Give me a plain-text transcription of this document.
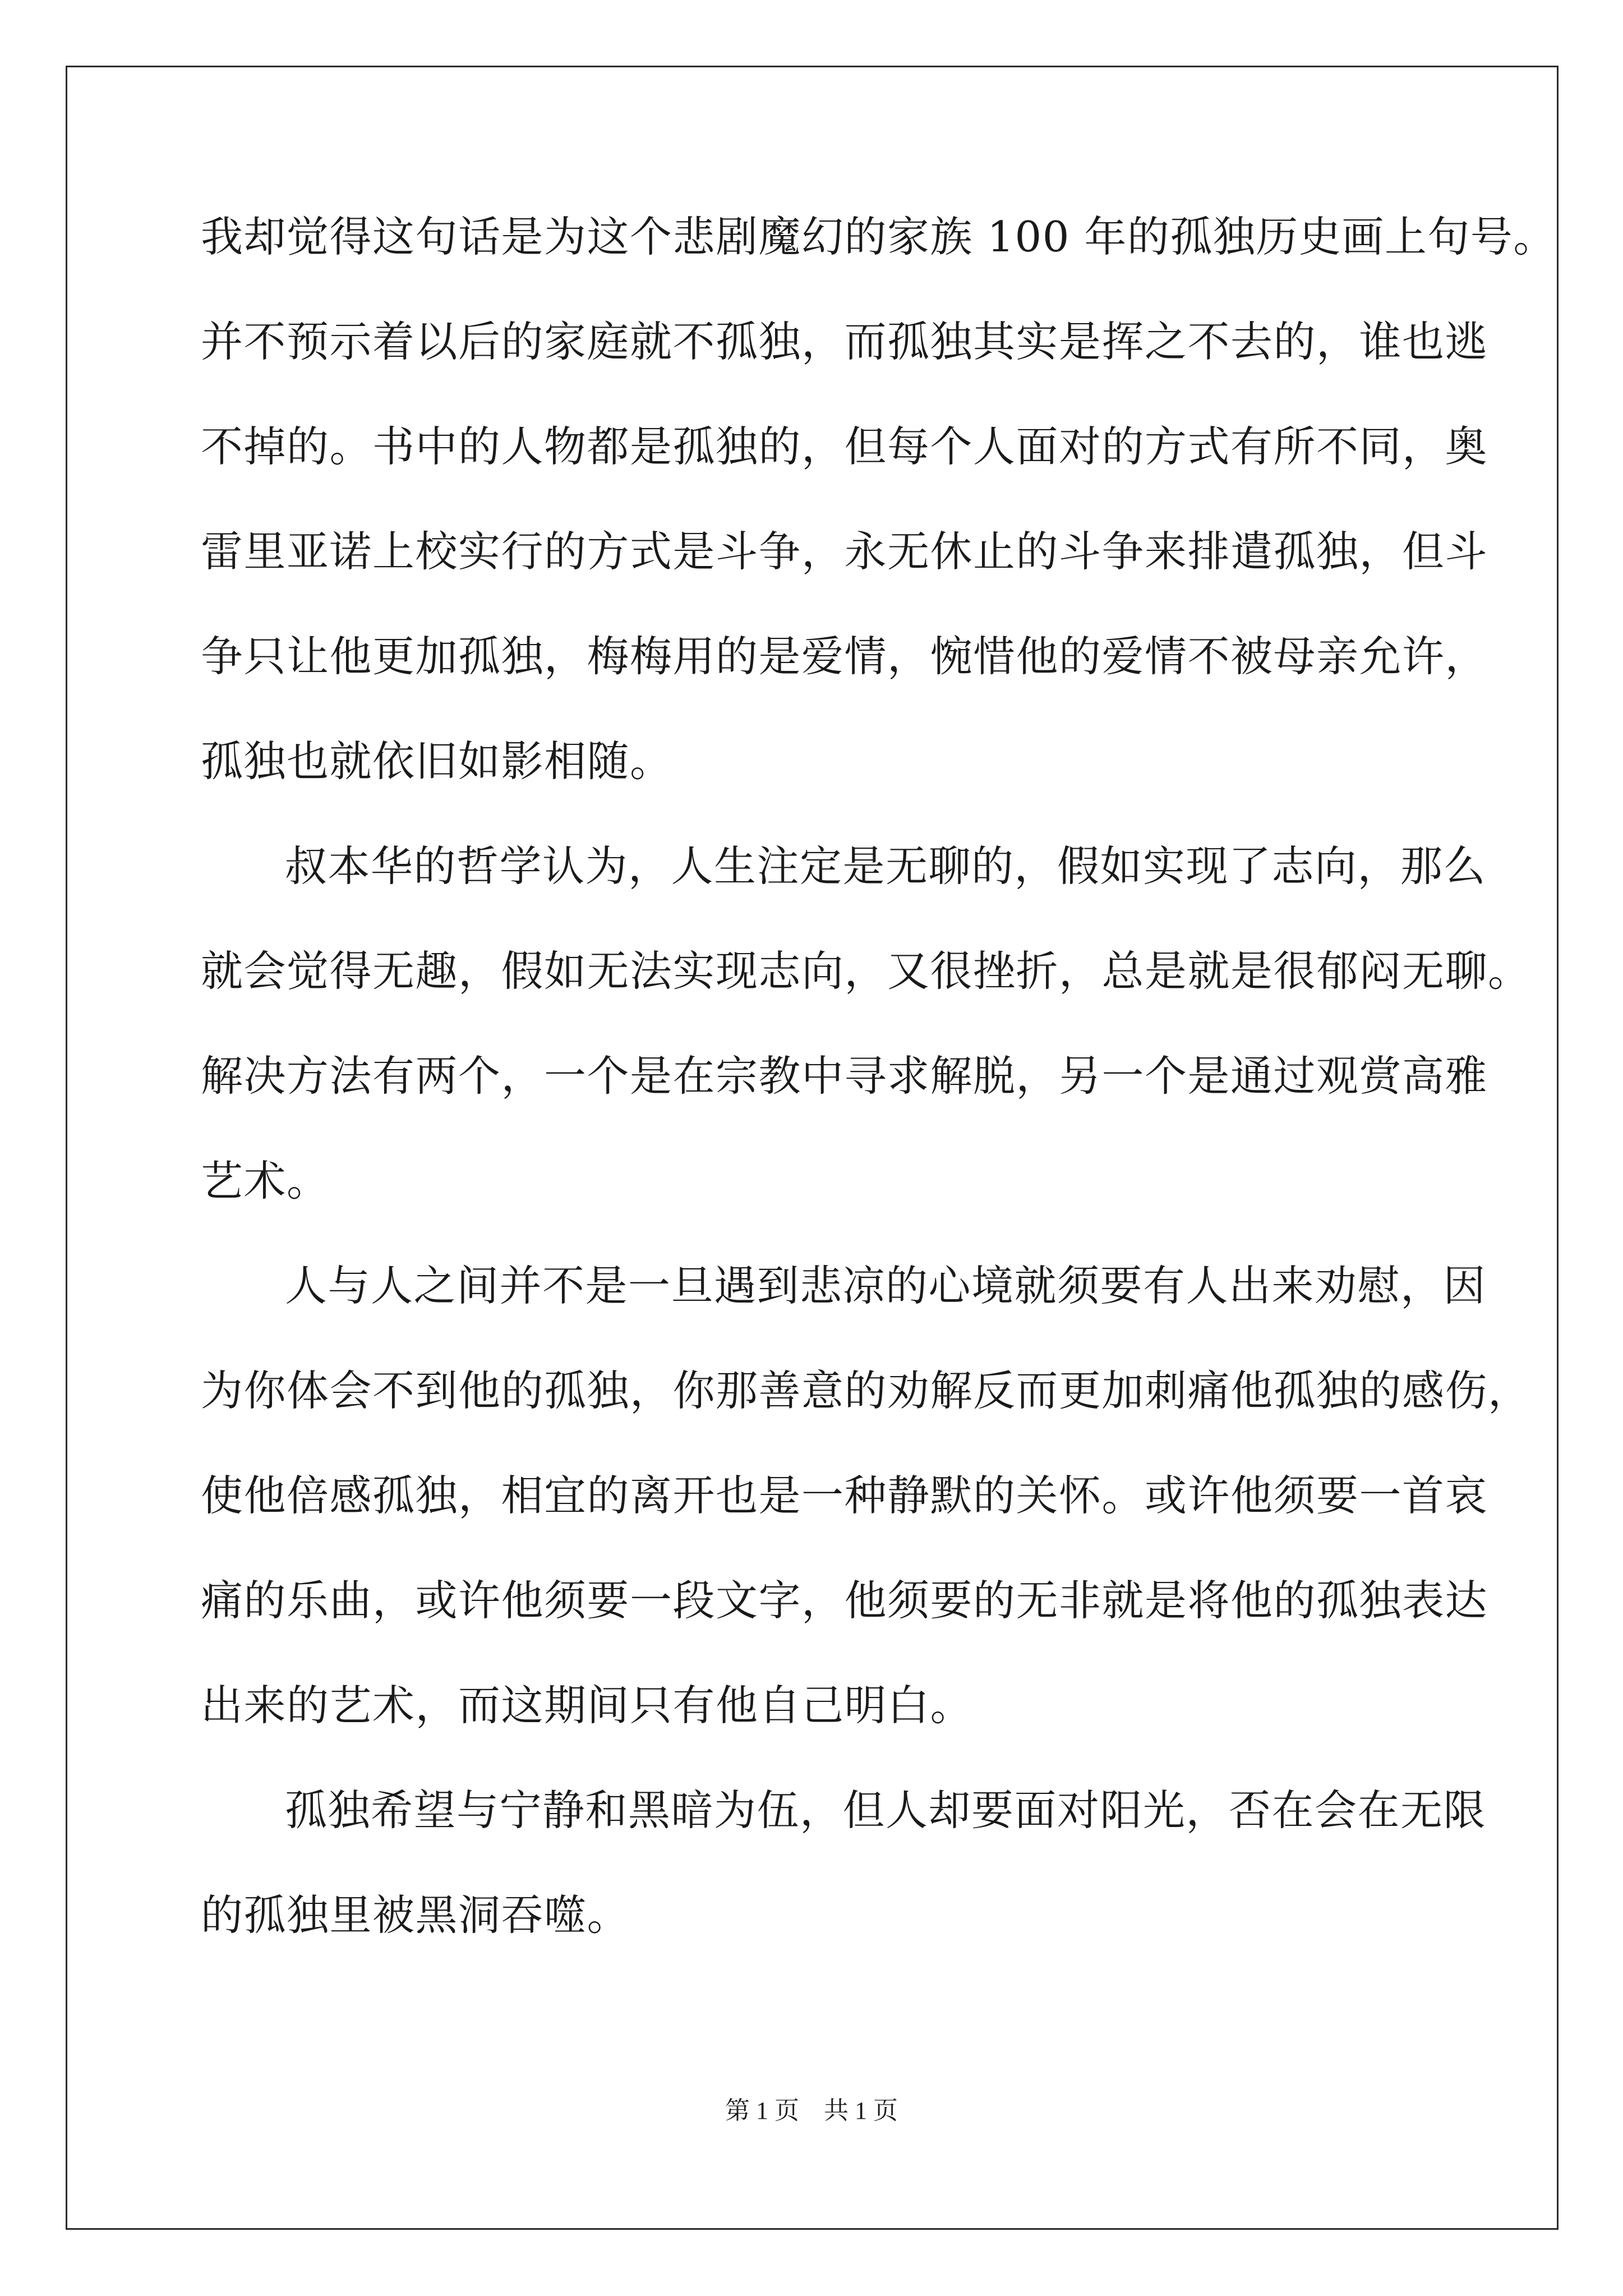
我却觉得这句话是为这个悲剧魔幻的家族 100 年的孤独历史画上句号。
并不预示着以后的家庭就不孤独，而孤独其实是挥之不去的，谁也逃
不掉的。书中的人物都是孤独的，但每个人面对的方式有所不同，奥
雷里亚诺上校实行的方式是斗争，永无休止的斗争来排遣孤独，但斗
争只让他更加孤独，梅梅用的是爱情，惋惜他的爱情不被母亲允许，
孤独也就依旧如影相随。
叔本华的哲学认为，人生注定是无聊的，假如实现了志向，那么
就会觉得无趣，假如无法实现志向，又很挫折，总是就是很郁闷无聊。
解决方法有两个，一个是在宗教中寻求解脱，另一个是通过观赏高雅
艺术。
人与人之间并不是一旦遇到悲凉的心境就须要有人出来劝慰，因
为你体会不到他的孤独，你那善意的劝解反而更加刺痛他孤独的感伤，
使他倍感孤独，相宜的离开也是一种静默的关怀。或许他须要一首哀
痛的乐曲，或许他须要一段文字，他须要的无非就是将他的孤独表达
出来的艺术，而这期间只有他自己明白。
孤独希望与宁静和黑暗为伍，但人却要面对阳光，否在会在无限
的孤独里被黑洞吞噬。
第 1 页　共 1 页
